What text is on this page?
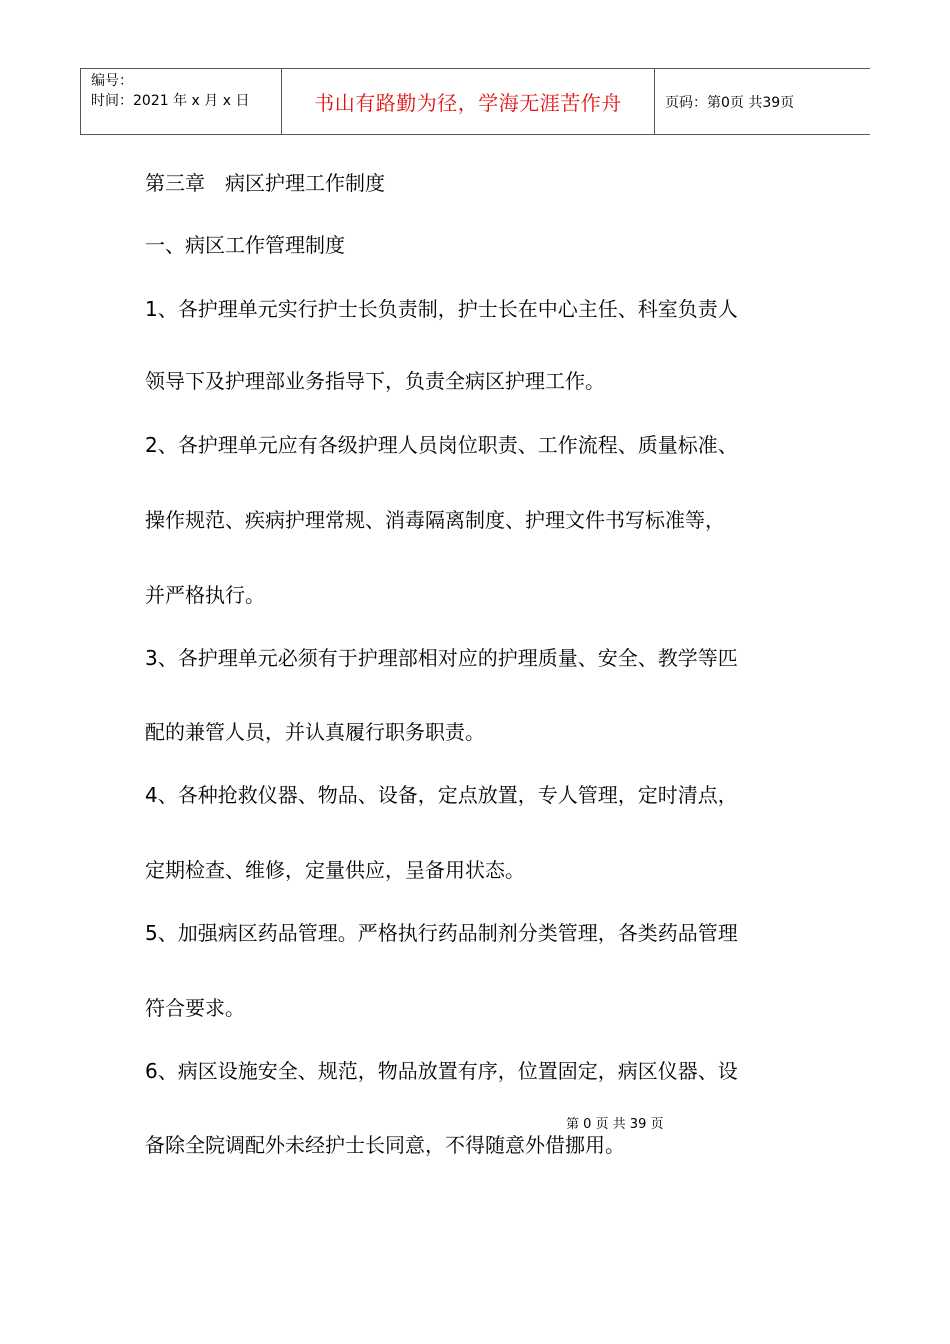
编号：
时间：2021 年 x 月 x 日	书山有路勤为径，学海无涯苦作舟	页码：第0页 共39页
第三章　病区护理工作制度
一、病区工作管理制度
1、各护理单元实行护士长负责制，护士长在中心主任、科室负责人
领导下及护理部业务指导下，负责全病区护理工作。
2、各护理单元应有各级护理人员岗位职责、工作流程、质量标准、
操作规范、疾病护理常规、消毒隔离制度、护理文件书写标准等，
并严格执行。
3、各护理单元必须有于护理部相对应的护理质量、安全、教学等匹
配的兼管人员，并认真履行职务职责。
4、各种抢救仪器、物品、设备，定点放置，专人管理，定时清点，
定期检查、维修，定量供应，呈备用状态。
5、加强病区药品管理。严格执行药品制剂分类管理，各类药品管理
符合要求。
6、病区设施安全、规范，物品放置有序，位置固定，病区仪器、设
备除全院调配外未经护士长同意，不得随意外借挪用。
第 0 页 共 39 页
